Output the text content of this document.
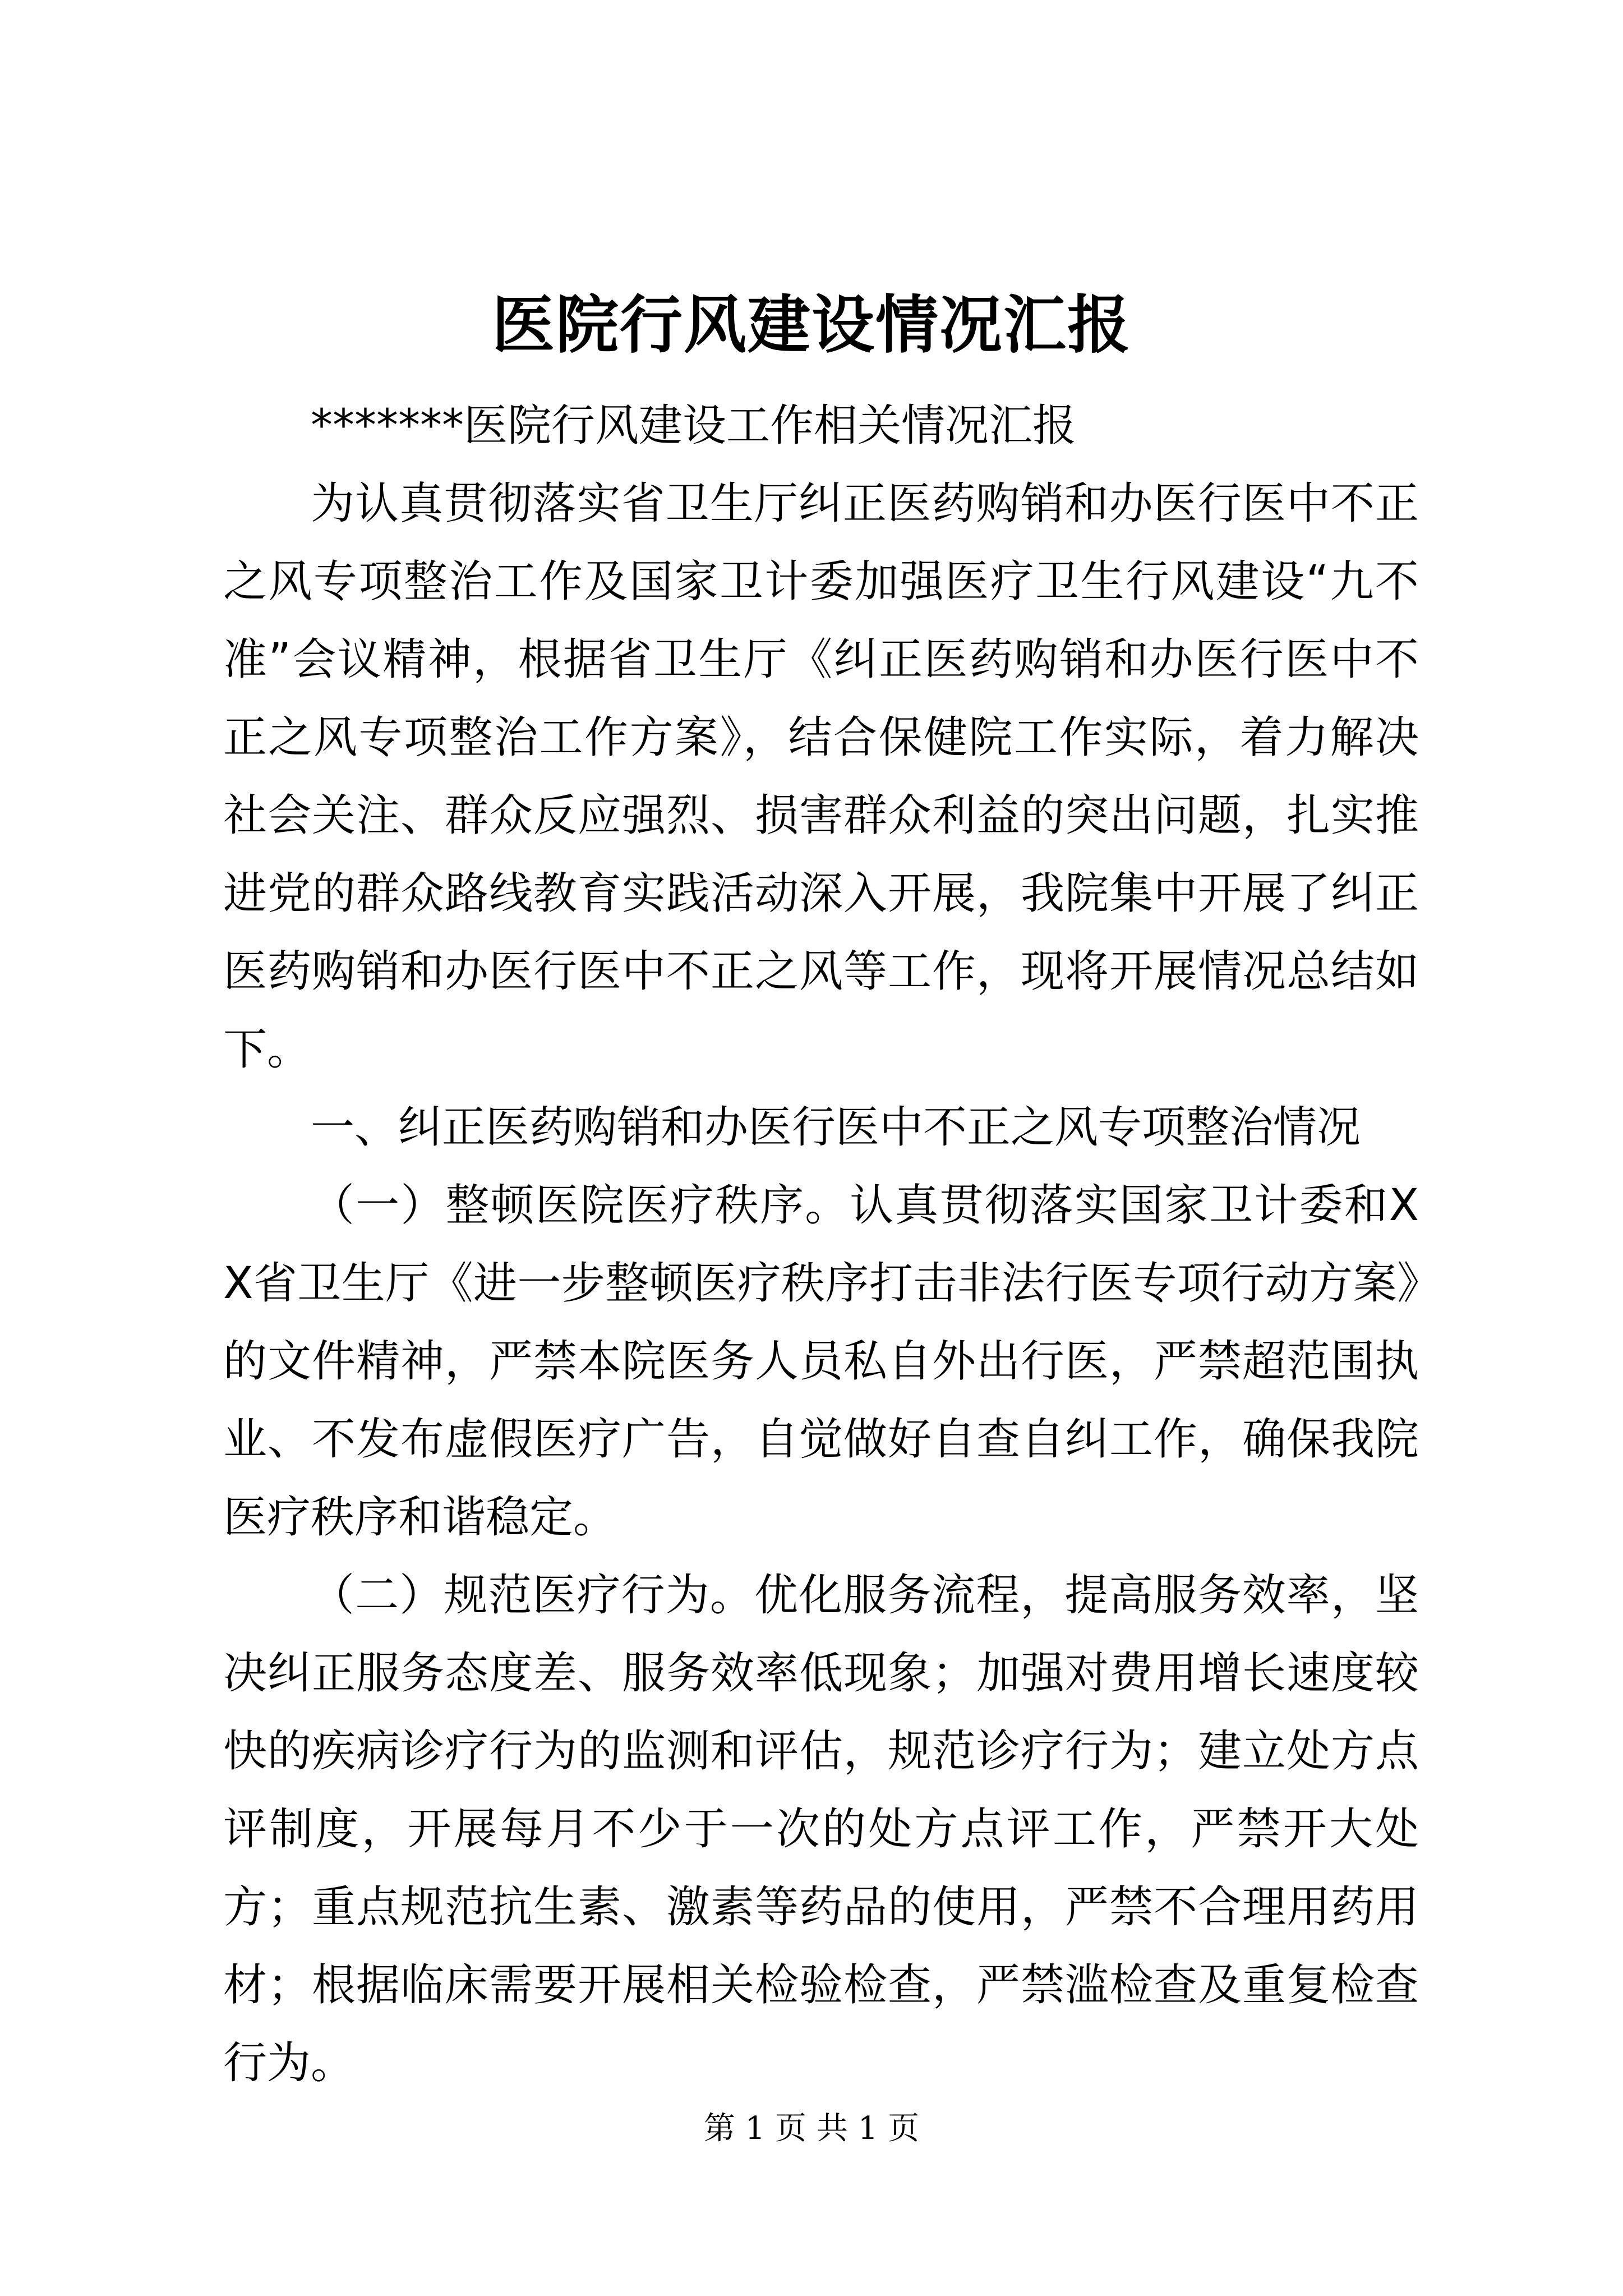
医院行风建设情况汇报

*******医院行风建设工作相关情况汇报

为认真贯彻落实省卫生厅纠正医药购销和办医行医中不正之风专项整治工作及国家卫计委加强医疗卫生行风建设“九不准”会议精神，根据省卫生厅《纠正医药购销和办医行医中不正之风专项整治工作方案》，结合保健院工作实际，着力解决社会关注、群众反应强烈、损害群众利益的突出问题，扎实推进党的群众路线教育实践活动深入开展，我院集中开展了纠正医药购销和办医行医中不正之风等工作，现将开展情况总结如下。

一、纠正医药购销和办医行医中不正之风专项整治情况

（一）整顿医院医疗秩序。认真贯彻落实国家卫计委和XX省卫生厅《进一步整顿医疗秩序打击非法行医专项行动方案》的文件精神，严禁本院医务人员私自外出行医，严禁超范围执业、不发布虚假医疗广告，自觉做好自查自纠工作，确保我院医疗秩序和谐稳定。

（二）规范医疗行为。优化服务流程，提高服务效率，坚决纠正服务态度差、服务效率低现象；加强对费用增长速度较快的疾病诊疗行为的监测和评估，规范诊疗行为；建立处方点评制度，开展每月不少于一次的处方点评工作，严禁开大处方；重点规范抗生素、激素等药品的使用，严禁不合理用药用材；根据临床需要开展相关检验检查，严禁滥检查及重复检查行为。

第 1 页 共 1 页
